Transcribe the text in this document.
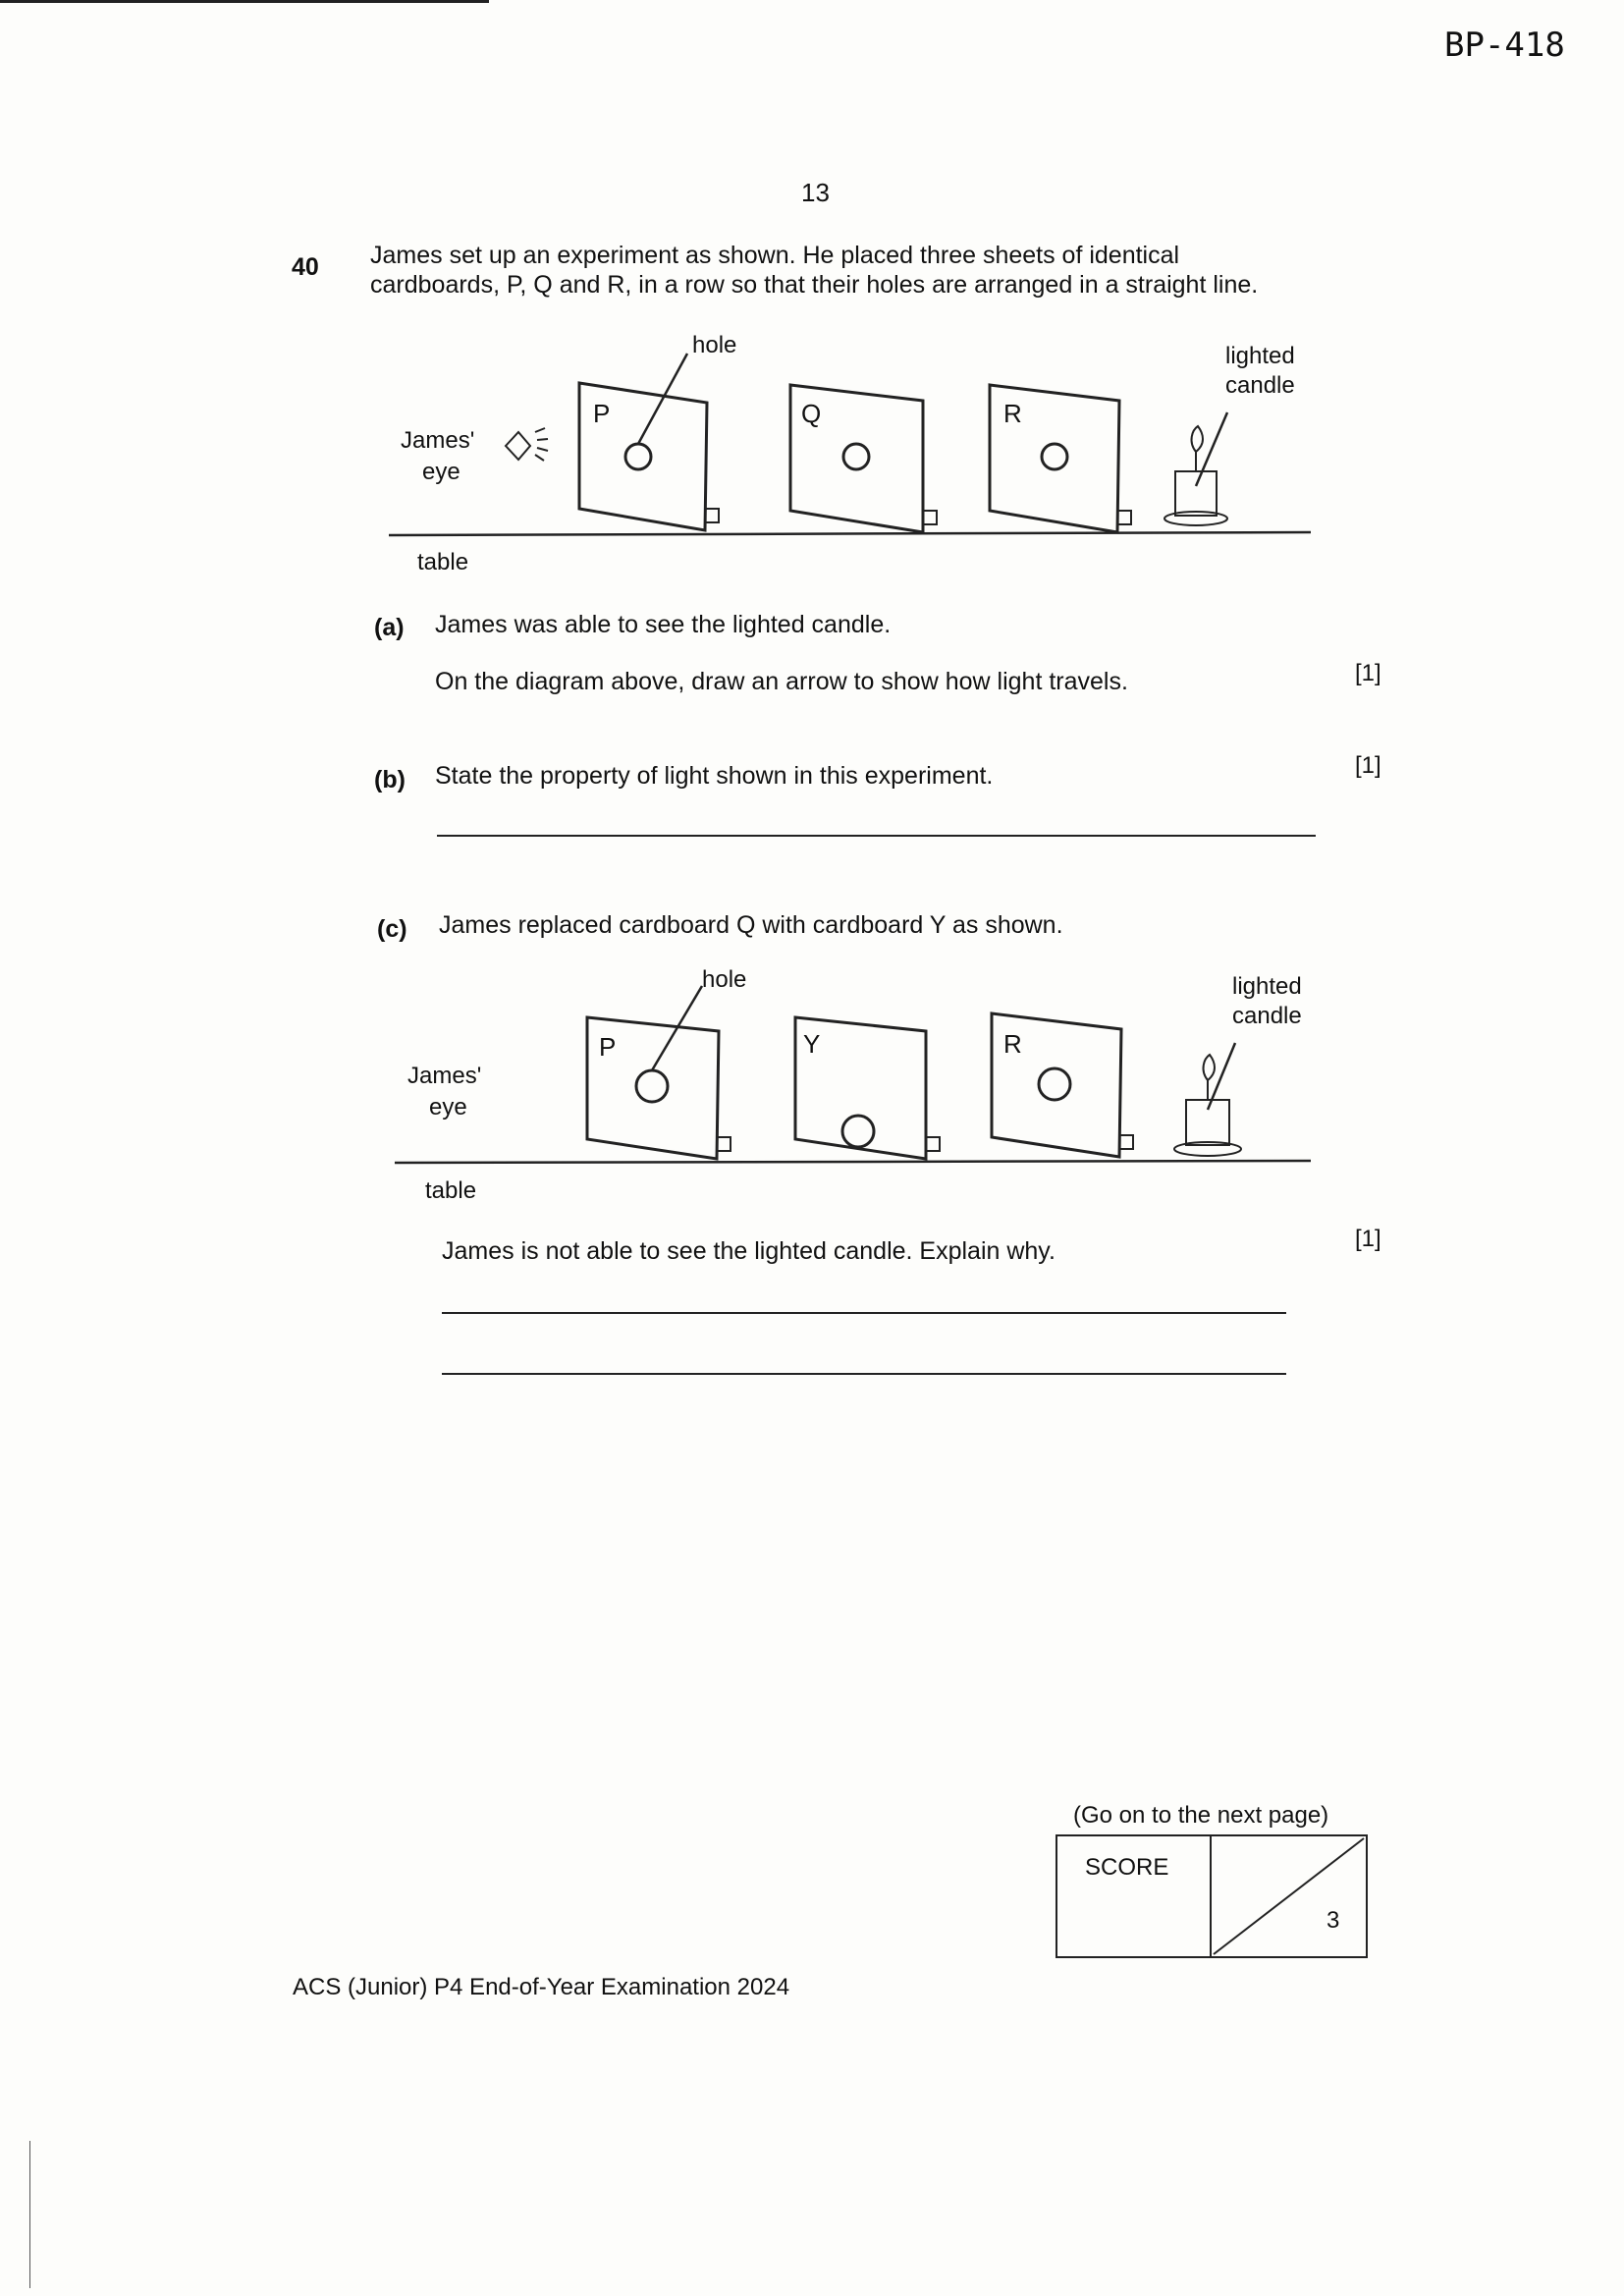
BP-418
13
40 James set up an experiment as shown. He placed three sheets of identical
cardboards, P, Q and R, in a row so that their holes are arranged in a straight line.
hole	lighted
candle
James'
eye
P	Q	R
table
(a) James was able to see the lighted candle.
On the diagram above, draw an arrow to show how light travels.	[1]
(b) State the property of light shown in this experiment.	[1]
(c) James replaced cardboard Q with cardboard Y as shown.
hole	lighted
candle
James'
eye
P	Y	R
table
James is not able to see the lighted candle. Explain why.	[1]
(Go on to the next page)
SCORE
3
ACS (Junior) P4 End-of-Year Examination 2024
